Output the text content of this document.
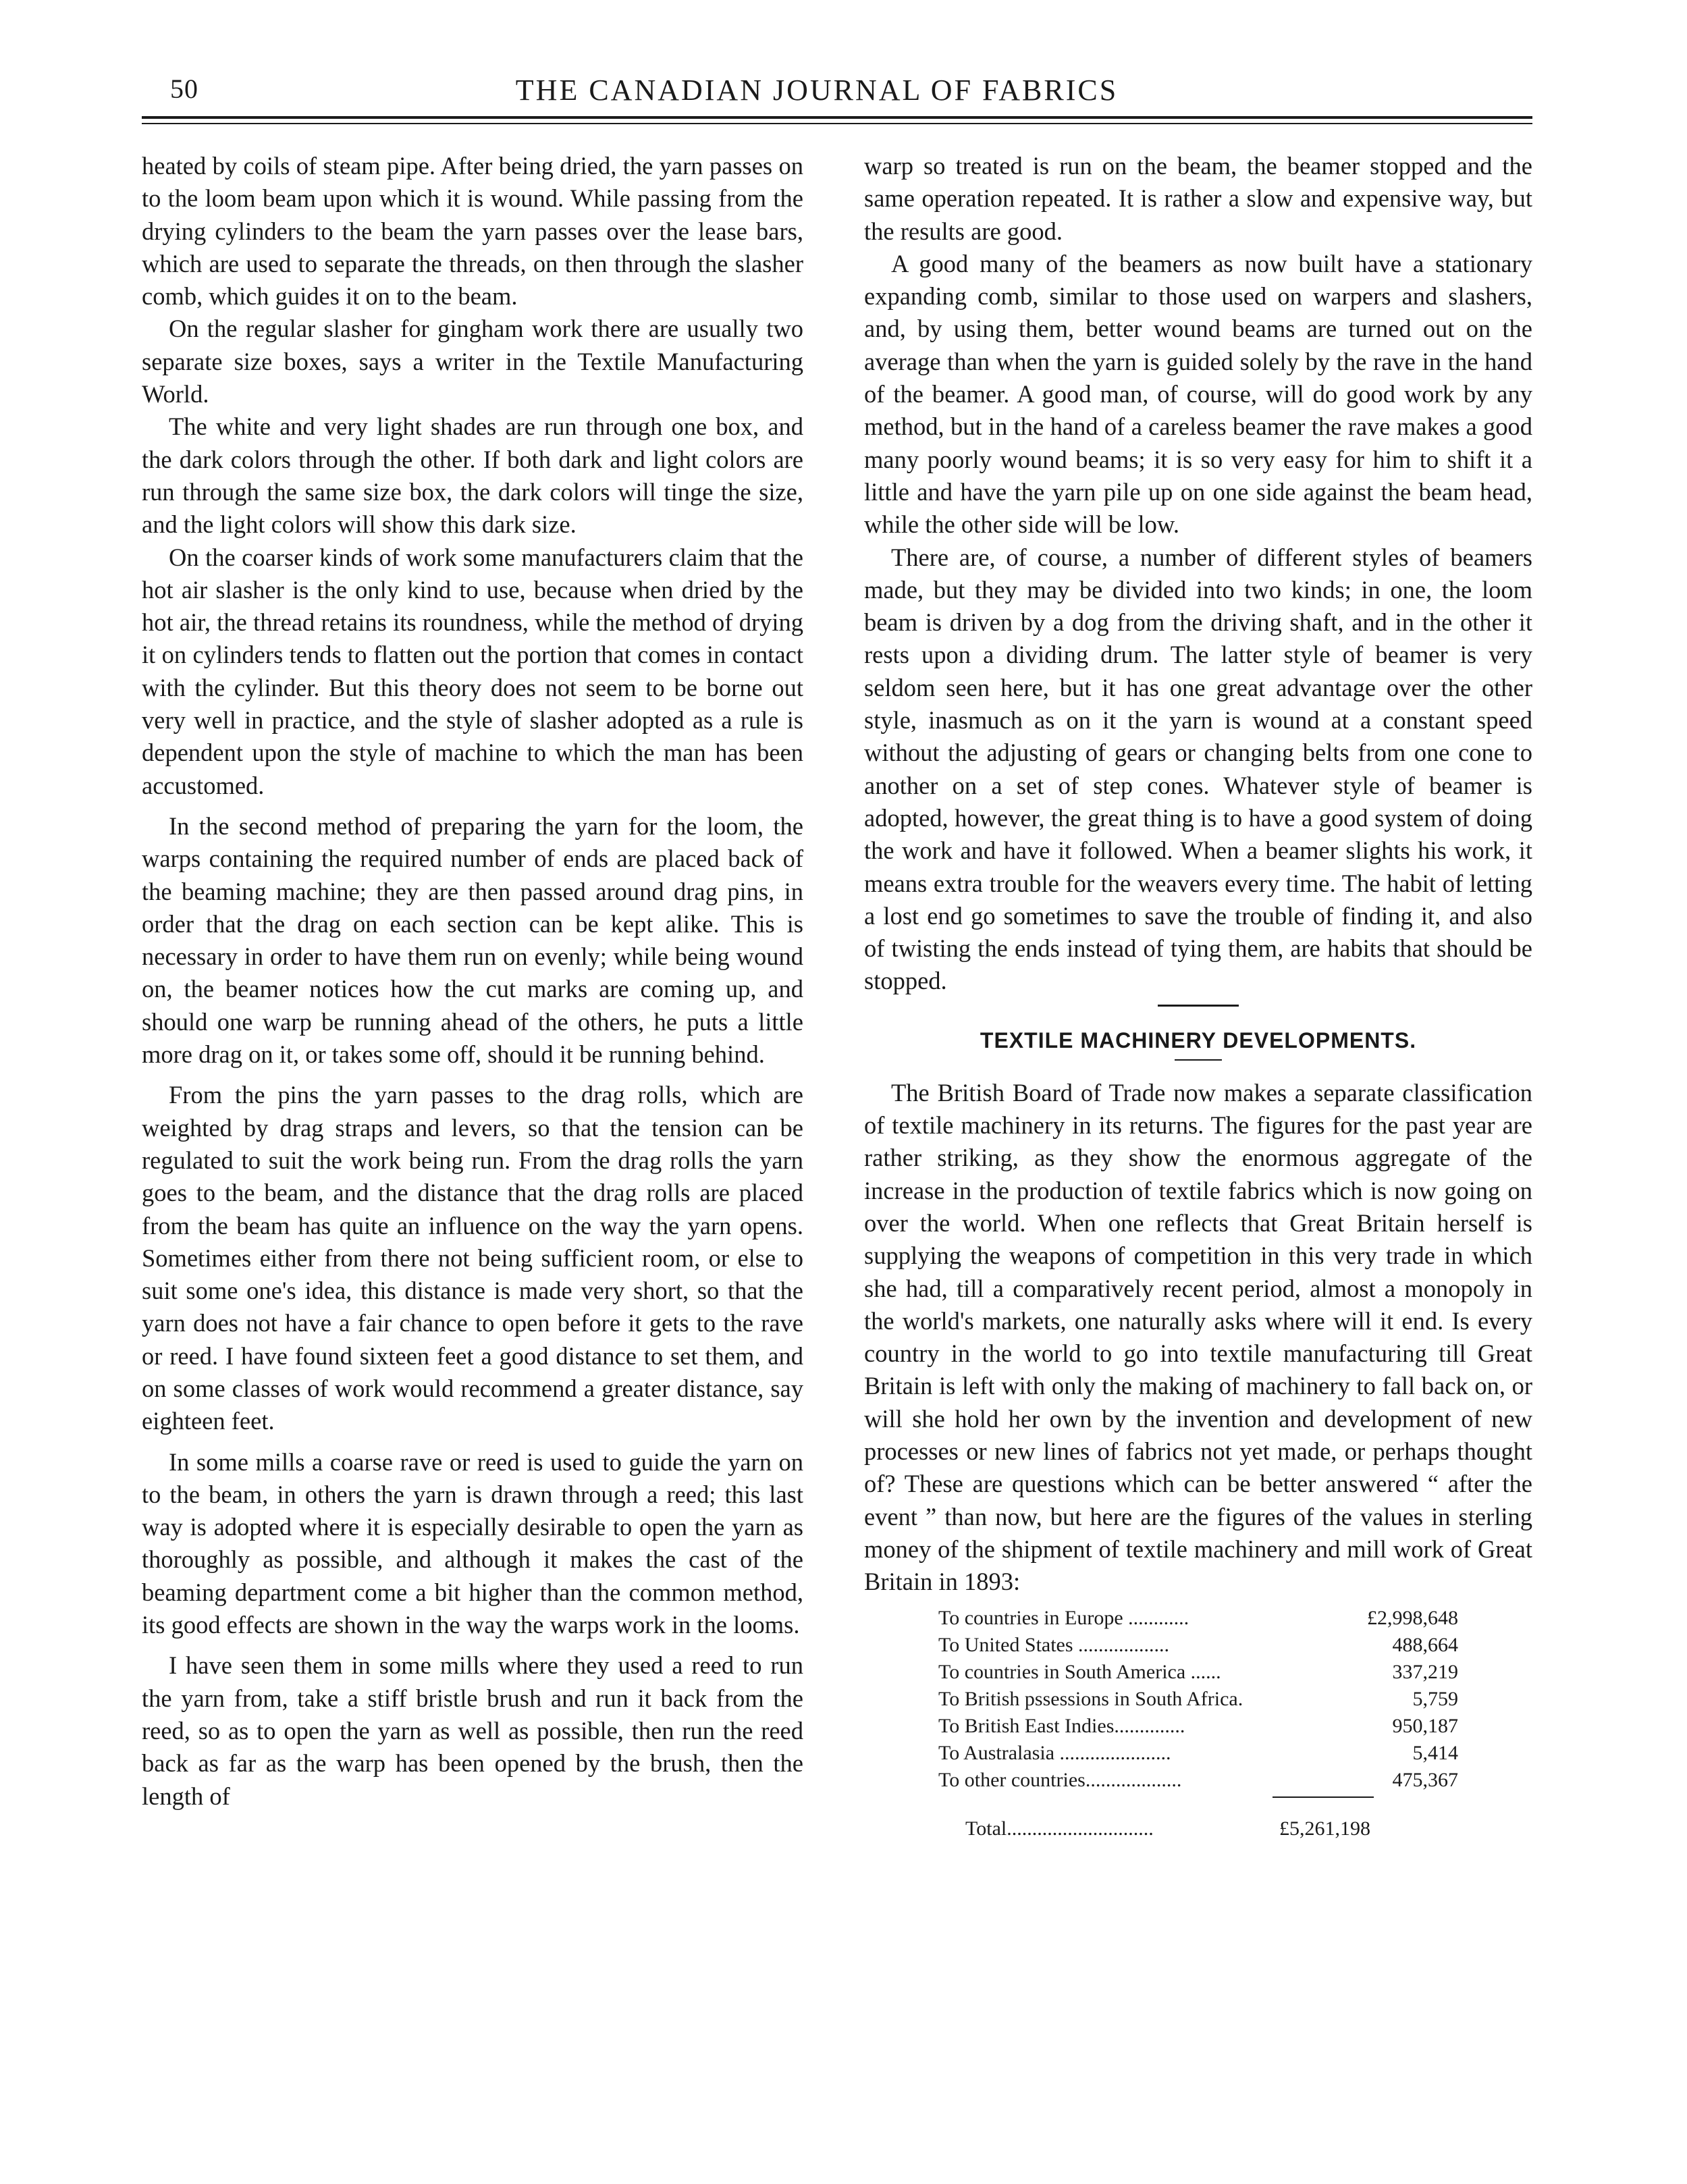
50	THE CANADIAN JOURNAL OF FABRICS

heated by coils of steam pipe. After being dried, the yarn passes on to the loom beam upon which it is wound. While passing from the drying cylinders to the beam the yarn passes over the lease bars, which are used to separate the threads, on then through the slasher comb, which guides it on to the beam.

On the regular slasher for gingham work there are usually two separate size boxes, says a writer in the Textile Manufacturing World.

The white and very light shades are run through one box, and the dark colors through the other. If both dark and light colors are run through the same size box, the dark colors will tinge the size, and the light colors will show this dark size.

On the coarser kinds of work some manufacturers claim that the hot air slasher is the only kind to use, because when dried by the hot air, the thread retains its roundness, while the method of drying it on cylinders tends to flatten out the portion that comes in contact with the cylinder. But this theory does not seem to be borne out very well in practice, and the style of slasher adopted as a rule is dependent upon the style of machine to which the man has been accustomed.

In the second method of preparing the yarn for the loom, the warps containing the required number of ends are placed back of the beaming machine; they are then passed around drag pins, in order that the drag on each section can be kept alike. This is necessary in order to have them run on evenly; while being wound on, the beamer notices how the cut marks are coming up, and should one warp be running ahead of the others, he puts a little more drag on it, or takes some off, should it be running behind.

From the pins the yarn passes to the drag rolls, which are weighted by drag straps and levers, so that the tension can be regulated to suit the work being run. From the drag rolls the yarn goes to the beam, and the distance that the drag rolls are placed from the beam has quite an influence on the way the yarn opens. Sometimes either from there not being sufficient room, or else to suit some one's idea, this distance is made very short, so that the yarn does not have a fair chance to open before it gets to the rave or reed. I have found sixteen feet a good distance to set them, and on some classes of work would recommend a greater distance, say eighteen feet.

In some mills a coarse rave or reed is used to guide the yarn on to the beam, in others the yarn is drawn through a reed; this last way is adopted where it is especially desirable to open the yarn as thoroughly as possible, and although it makes the cast of the beaming department come a bit higher than the common method, its good effects are shown in the way the warps work in the looms.

I have seen them in some mills where they used a reed to run the yarn from, take a stiff bristle brush and run it back from the reed, so as to open the yarn as well as possible, then run the reed back as far as the warp has been opened by the brush, then the length of

warp so treated is run on the beam, the beamer stopped and the same operation repeated. It is rather a slow and expensive way, but the results are good.

A good many of the beamers as now built have a stationary expanding comb, similar to those used on warpers and slashers, and, by using them, better wound beams are turned out on the average than when the yarn is guided solely by the rave in the hand of the beamer. A good man, of course, will do good work by any method, but in the hand of a careless beamer the rave makes a good many poorly wound beams; it is so very easy for him to shift it a little and have the yarn pile up on one side against the beam head, while the other side will be low.

There are, of course, a number of different styles of beamers made, but they may be divided into two kinds; in one, the loom beam is driven by a dog from the driving shaft, and in the other it rests upon a dividing drum. The latter style of beamer is very seldom seen here, but it has one great advantage over the other style, inasmuch as on it the yarn is wound at a constant speed without the adjusting of gears or changing belts from one cone to another on a set of step cones. Whatever style of beamer is adopted, however, the great thing is to have a good system of doing the work and have it followed. When a beamer slights his work, it means extra trouble for the weavers every time. The habit of letting a lost end go sometimes to save the trouble of finding it, and also of twisting the ends instead of tying them, are habits that should be stopped.

TEXTILE MACHINERY DEVELOPMENTS.

The British Board of Trade now makes a separate classification of textile machinery in its returns. The figures for the past year are rather striking, as they show the enormous aggregate of the increase in the production of textile fabrics which is now going on over the world. When one reflects that Great Britain herself is supplying the weapons of competition in this very trade in which she had, till a comparatively recent period, almost a monopoly in the world's markets, one naturally asks where will it end. Is every country in the world to go into textile manufacturing till Great Britain is left with only the making of machinery to fall back on, or will she hold her own by the invention and development of new processes or new lines of fabrics not yet made, or perhaps thought of? These are questions which can be better answered “ after the event ” than now, but here are the figures of the values in sterling money of the shipment of textile machinery and mill work of Great Britain in 1893:

To countries in Europe ............	£2,998,648
To United States ..................	488,664
To countries in South America ......	337,219
To British pssessions in South Africa.	5,759
To British East Indies..............	950,187
To Australasia ......................	5,414
To other countries...................	475,367
Total.............................	£5,261,198
